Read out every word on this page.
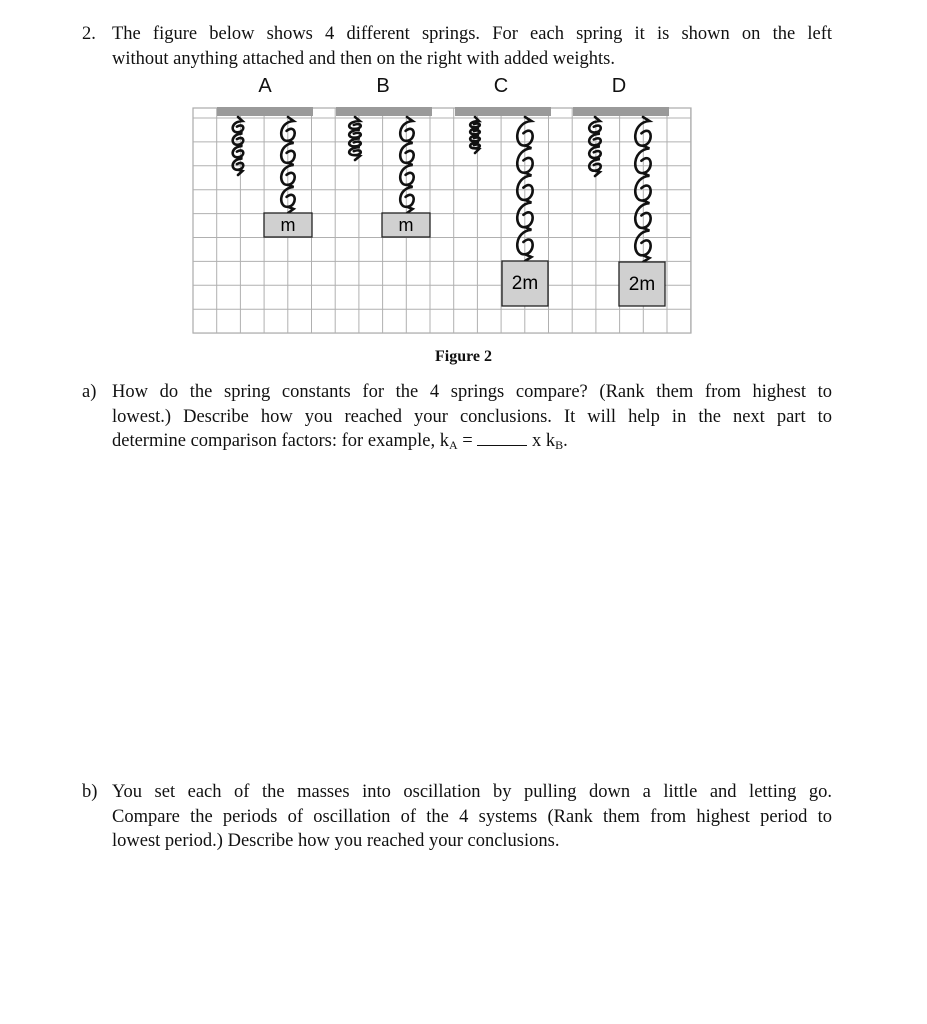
2. The figure below shows 4 different springs. For each spring it is shown on the left
without anything attached and then on the right with added weights.
A	B	C	D
m	m
2m	2m
Figure 2
a) How do the spring constants for the 4 springs compare? (Rank them from highest to
lowest.) Describe how you reached your conclusions. It will help in the next part to
determine comparison factors: for example, $k_A$ =	x $k_B$.
b) You set each of the masses into oscillation by pulling down a little and letting go.
Compare the periods of oscillation of the 4 systems (Rank them from highest period to
lowest period.) Describe how you reached your conclusions.
